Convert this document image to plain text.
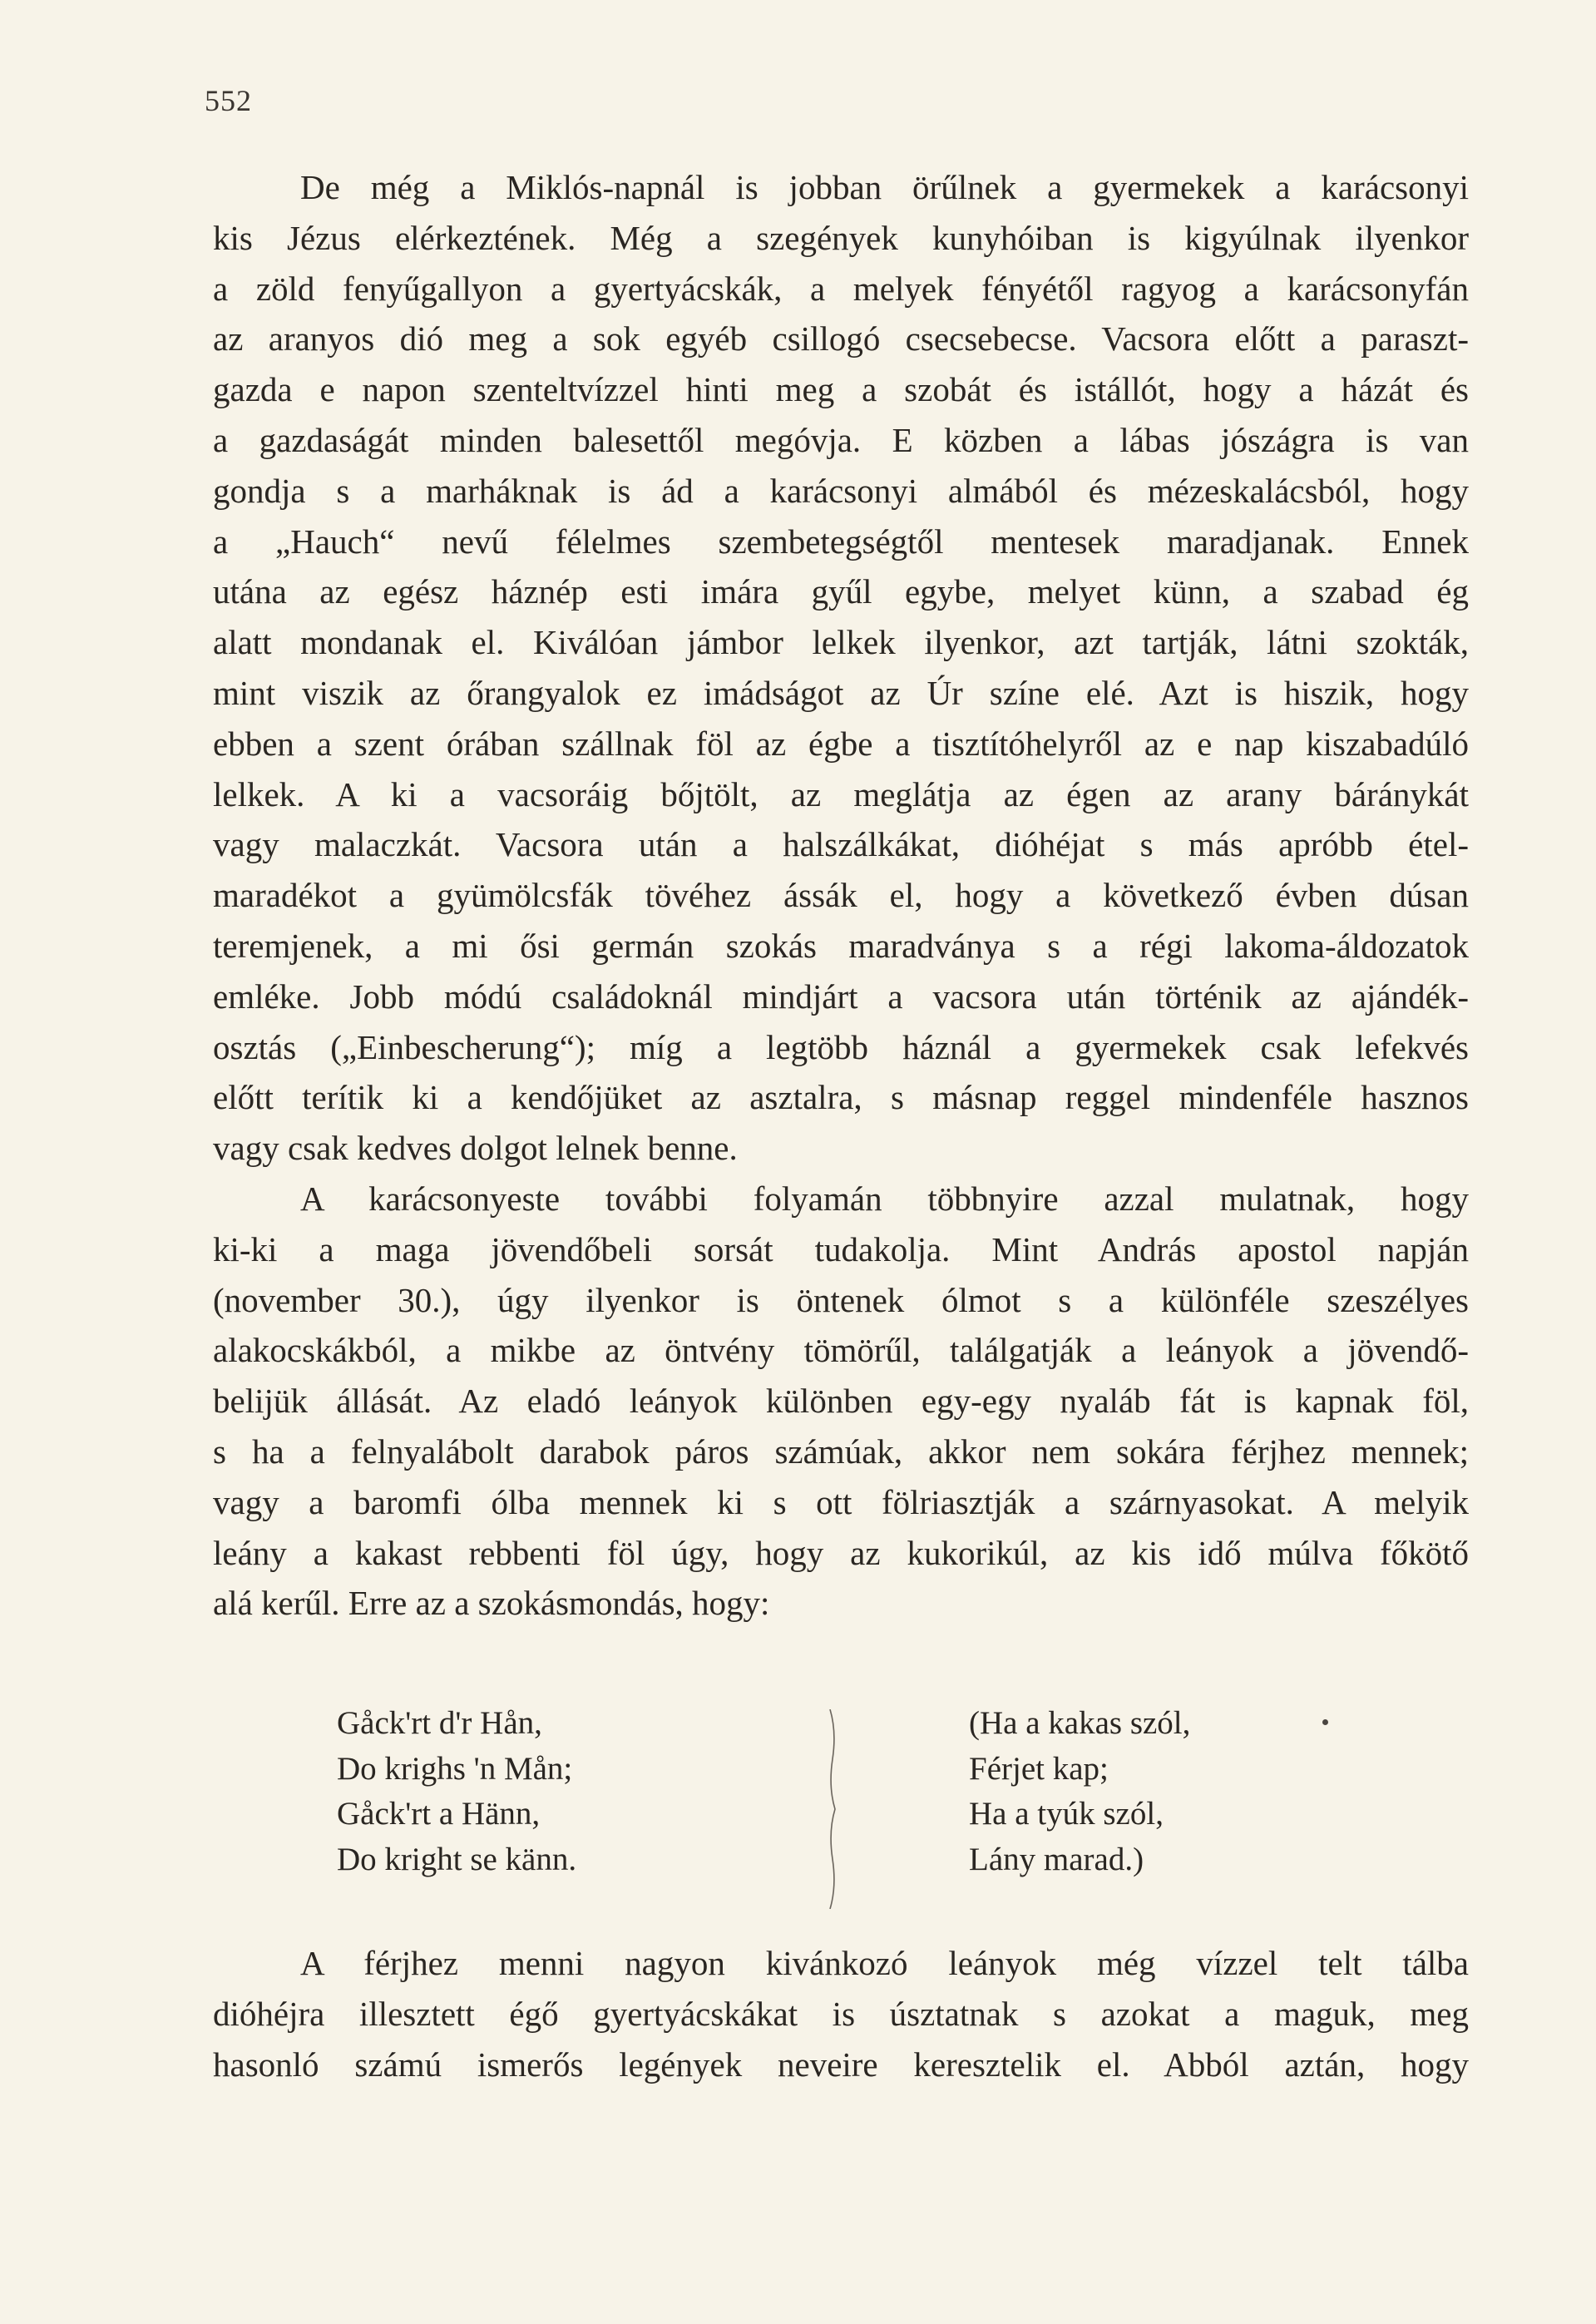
552

De még a Miklós-napnál is jobban örűlnek a gyermekek a karácsonyi
kis Jézus elérkeztének. Még a szegények kunyhóiban is kigyúlnak ilyenkor
a zöld fenyűgallyon a gyertyácskák, a melyek fényétől ragyog a karácsonyfán
az aranyos dió meg a sok egyéb csillogó csecsebecse. Vacsora előtt a paraszt-
gazda e napon szenteltvízzel hinti meg a szobát és istállót, hogy a házát és
a gazdaságát minden balesettől megóvja. E közben a lábas jószágra is van
gondja s a marháknak is ád a karácsonyi almából és mézeskalácsból, hogy
a „Hauch“ nevű félelmes szembetegségtől mentesek maradjanak. Ennek
utána az egész háznép esti imára gyűl egybe, melyet künn, a szabad ég
alatt mondanak el. Kiválóan jámbor lelkek ilyenkor, azt tartják, látni szokták,
mint viszik az őrangyalok ez imádságot az Úr színe elé. Azt is hiszik, hogy
ebben a szent órában szállnak föl az égbe a tisztítóhelyről az e nap kiszabadúló
lelkek. A ki a vacsoráig bőjtölt, az meglátja az égen az arany báránykát
vagy malaczkát. Vacsora után a halszálkákat, dióhéjat s más apróbb étel-
maradékot a gyümölcsfák tövéhez ássák el, hogy a következő évben dúsan
teremjenek, a mi ősi germán szokás maradványa s a régi lakoma-áldozatok
emléke. Jobb módú családoknál mindjárt a vacsora után történik az ajándék-
osztás („Einbescherung“); míg a legtöbb háznál a gyermekek csak lefekvés
előtt terítik ki a kendőjüket az asztalra, s másnap reggel mindenféle hasznos
vagy csak kedves dolgot lelnek benne.

A karácsonyeste további folyamán többnyire azzal mulatnak, hogy
ki-ki a maga jövendőbeli sorsát tudakolja. Mint András apostol napján
(november 30.), úgy ilyenkor is öntenek ólmot s a különféle szeszélyes
alakocskákból, a mikbe az öntvény tömörűl, találgatják a leányok a jövendő-
belijük állását. Az eladó leányok különben egy-egy nyaláb fát is kapnak föl,
s ha a felnyalábolt darabok páros számúak, akkor nem sokára férjhez mennek;
vagy a baromfi ólba mennek ki s ott fölriasztják a szárnyasokat. A melyik
leány a kakast rebbenti föl úgy, hogy az kukorikúl, az kis idő múlva főkötő
alá kerűl. Erre az a szokásmondás, hogy:

Gåck'rt d'r Hån,
Do krighs 'n Mån;
Gåck'rt a Hänn,
Do kright se känn.
(Ha a kakas szól,
Férjet kap;
Ha a tyúk szól,
Lány marad.)

A férjhez menni nagyon kivánkozó leányok még vízzel telt tálba
dióhéjra illesztett égő gyertyácskákat is úsztatnak s azokat a maguk, meg
hasonló számú ismerős legények neveire keresztelik el. Abból aztán, hogy
